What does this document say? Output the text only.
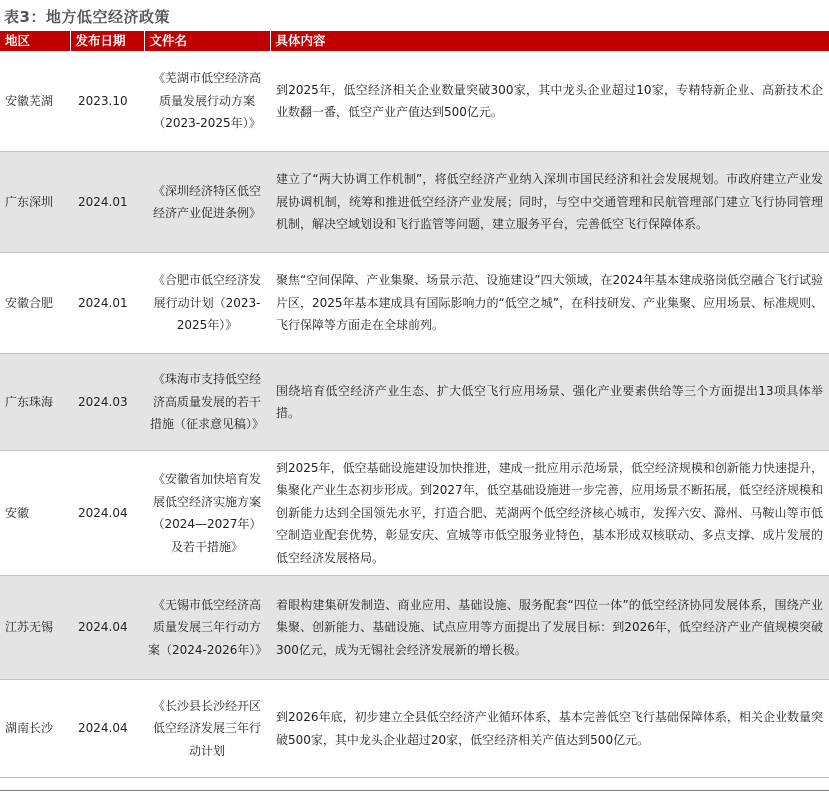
表3：地方低空经济政策
地区	发布日期	文件名	具体内容
安徽芜湖	2023.10	《芜湖市低空经济高质量发展行动方案（2023-2025年）》	到2025年，低空经济相关企业数量突破300家，其中龙头企业超过10家，专精特新企业、高新技术企业数翻一番，低空产业产值达到500亿元。
广东深圳	2024.01	《深圳经济特区低空经济产业促进条例》	建立了“两大协调工作机制”，将低空经济产业纳入深圳市国民经济和社会发展规划。市政府建立产业发展协调机制，统筹和推进低空经济产业发展；同时，与空中交通管理和民航管理部门建立飞行协同管理机制，解决空域划设和飞行监管等问题，建立服务平台，完善低空飞行保障体系。
安徽合肥	2024.01	《合肥市低空经济发展行动计划（2023-2025年）》	聚焦“空间保障、产业集聚、场景示范、设施建设”四大领域，在2024年基本建成骆岗低空融合飞行试验片区，2025年基本建成具有国际影响力的“低空之城”，在科技研发、产业集聚、应用场景、标准规则、飞行保障等方面走在全球前列。
广东珠海	2024.03	《珠海市支持低空经济高质量发展的若干措施（征求意见稿）》	围绕培育低空经济产业生态、扩大低空飞行应用场景、强化产业要素供给等三个方面提出13项具体举措。
安徽	2024.04	《安徽省加快培育发展低空经济实施方案（2024—2027年）及若干措施》	到2025年，低空基础设施建设加快推进，建成一批应用示范场景，低空经济规模和创新能力快速提升，集聚化产业生态初步形成。到2027年，低空基础设施进一步完善，应用场景不断拓展，低空经济规模和创新能力达到全国领先水平，打造合肥、芜湖两个低空经济核心城市，发挥六安、滁州、马鞍山等市低空制造业配套优势，彰显安庆、宣城等市低空服务业特色，基本形成双核联动、多点支撑、成片发展的低空经济发展格局。
江苏无锡	2024.04	《无锡市低空经济高质量发展三年行动方案（2024-2026年）》	着眼构建集研发制造、商业应用、基础设施、服务配套“四位一体”的低空经济协同发展体系，围绕产业集聚、创新能力、基础设施、试点应用等方面提出了发展目标：到2026年，低空经济产业产值规模突破300亿元，成为无锡社会经济发展新的增长极。
湖南长沙	2024.04	《长沙县长沙经开区低空经济发展三年行动计划	到2026年底，初步建立全县低空经济产业循环体系，基本完善低空飞行基础保障体系，相关企业数量突破500家，其中龙头企业超过20家，低空经济相关产值达到500亿元。
